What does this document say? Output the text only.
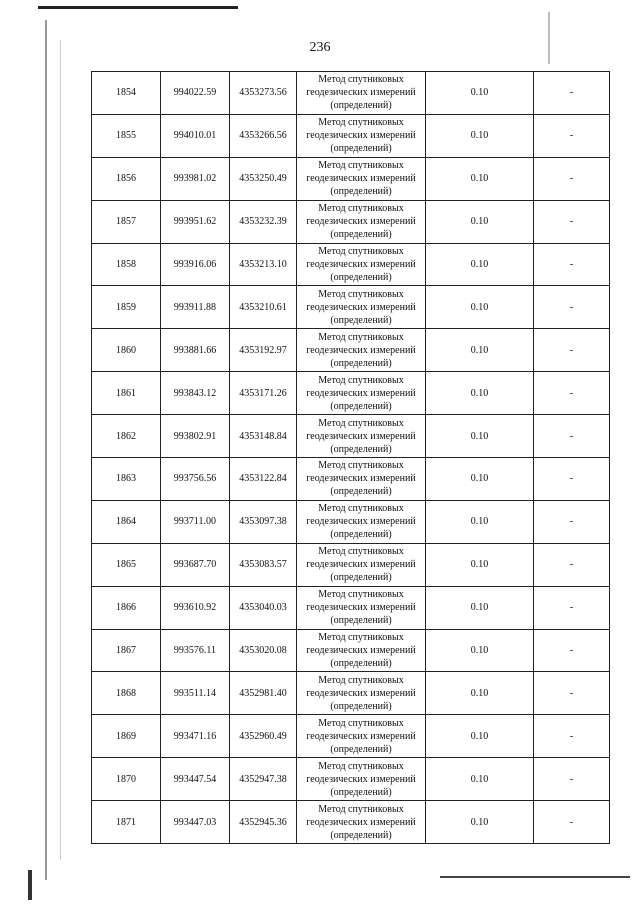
236
1854	994022.59	4353273.56	Метод спутниковых
геодезических измерений
(определений)	0.10	-
1855	994010.01	4353266.56	Метод спутниковых
геодезических измерений
(определений)	0.10	-
1856	993981.02	4353250.49	Метод спутниковых
геодезических измерений
(определений)	0.10	-
1857	993951.62	4353232.39	Метод спутниковых
геодезических измерений
(определений)	0.10	-
1858	993916.06	4353213.10	Метод спутниковых
геодезических измерений
(определений)	0.10	-
1859	993911.88	4353210.61	Метод спутниковых
геодезических измерений
(определений)	0.10	-
1860	993881.66	4353192.97	Метод спутниковых
геодезических измерений
(определений)	0.10	-
1861	993843.12	4353171.26	Метод спутниковых
геодезических измерений
(определений)	0.10	-
1862	993802.91	4353148.84	Метод спутниковых
геодезических измерений
(определений)	0.10	-
1863	993756.56	4353122.84	Метод спутниковых
геодезических измерений
(определений)	0.10	-
1864	993711.00	4353097.38	Метод спутниковых
геодезических измерений
(определений)	0.10	-
1865	993687.70	4353083.57	Метод спутниковых
геодезических измерений
(определений)	0.10	-
1866	993610.92	4353040.03	Метод спутниковых
геодезических измерений
(определений)	0.10	-
1867	993576.11	4353020.08	Метод спутниковых
геодезических измерений
(определений)	0.10	-
1868	993511.14	4352981.40	Метод спутниковых
геодезических измерений
(определений)	0.10	-
1869	993471.16	4352960.49	Метод спутниковых
геодезических измерений
(определений)	0.10	-
1870	993447.54	4352947.38	Метод спутниковых
геодезических измерений
(определений)	0.10	-
1871	993447.03	4352945.36	Метод спутниковых
геодезических измерений
(определений)	0.10	-
